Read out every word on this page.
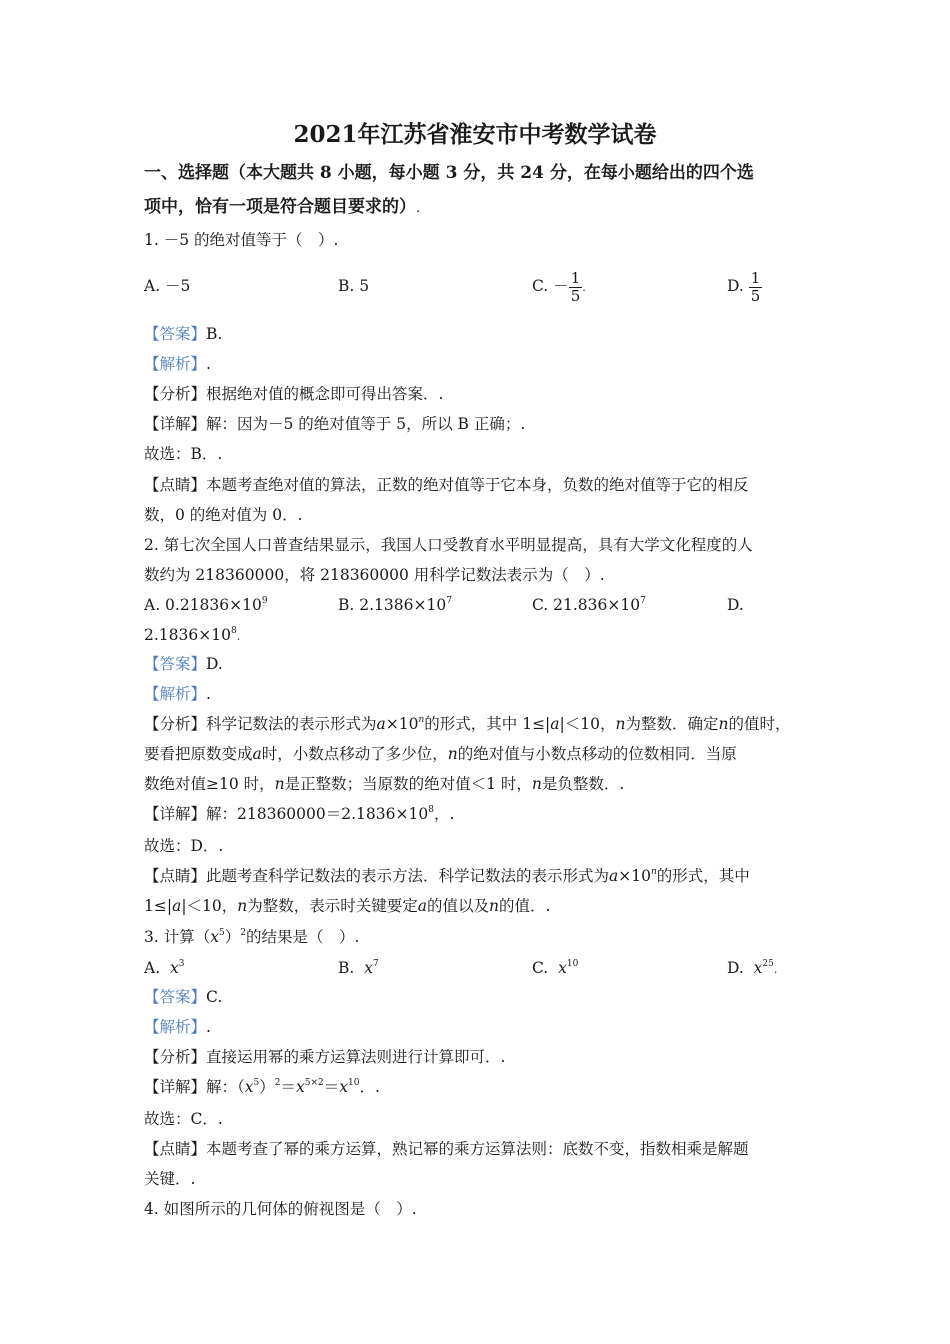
2021年江苏省淮安市中考数学试卷
一、选择题（本大题共 8 小题，每小题 3 分，共 24 分，在每小题给出的四个选
项中，恰有一项是符合题目要求的）.
1. －5 的绝对值等于（　）.
A. －5	B. 5	C. － $\frac{1}{5}$ .	D. $\frac{1}{5}$
【答案】B.
【解析】.
【分析】根据绝对值的概念即可得出答案．.
【详解】解：因为－5 的绝对值等于 5，所以 B 正确；.
故选：B．.
【点睛】本题考查绝对值的算法，正数的绝对值等于它本身，负数的绝对值等于它的相反
数，0 的绝对值为 0．.
2. 第七次全国人口普查结果显示，我国人口受教育水平明显提高，具有大学文化程度的人
数约为 218360000，将 218360000 用科学记数法表示为（　）.
A. $0.21836\times 10^9$	B. $2.1386\times 10^7$	C. $21.836\times 10^7$	D.
$2.1836\times 10^8$.
【答案】D.
【解析】.
【分析】科学记数法的表示形式为$a\times 10^n$的形式，其中 1≤|a|＜10，n为整数．确定n的值时，
要看把原数变成a时，小数点移动了多少位，n的绝对值与小数点移动的位数相同．当原
数绝对值≥10 时，n是正整数；当原数的绝对值＜1 时，n是负整数．.
【详解】解：$218360000=2.1836\times 10^8$，.
故选：D．.
【点睛】此题考查科学记数法的表示方法．科学记数法的表示形式为$a\times 10^n$的形式，其中
1≤|a|＜10，n为整数，表示时关键要定a的值以及n的值．.
3. 计算$(x^5)^2$的结果是（　）.
A. $x^3$	B. $x^7$	C. $x^{10}$	D. $x^{25}$.
【答案】C.
【解析】.
【分析】直接运用幂的乘方运算法则进行计算即可．.
【详解】解：$(x^5)^2=x^{5\times 2}=x^{10}$．.
故选：C．.
【点睛】本题考查了幂的乘方运算，熟记幂的乘方运算法则：底数不变，指数相乘是解题
关键．.
4. 如图所示的几何体的俯视图是（　）.
